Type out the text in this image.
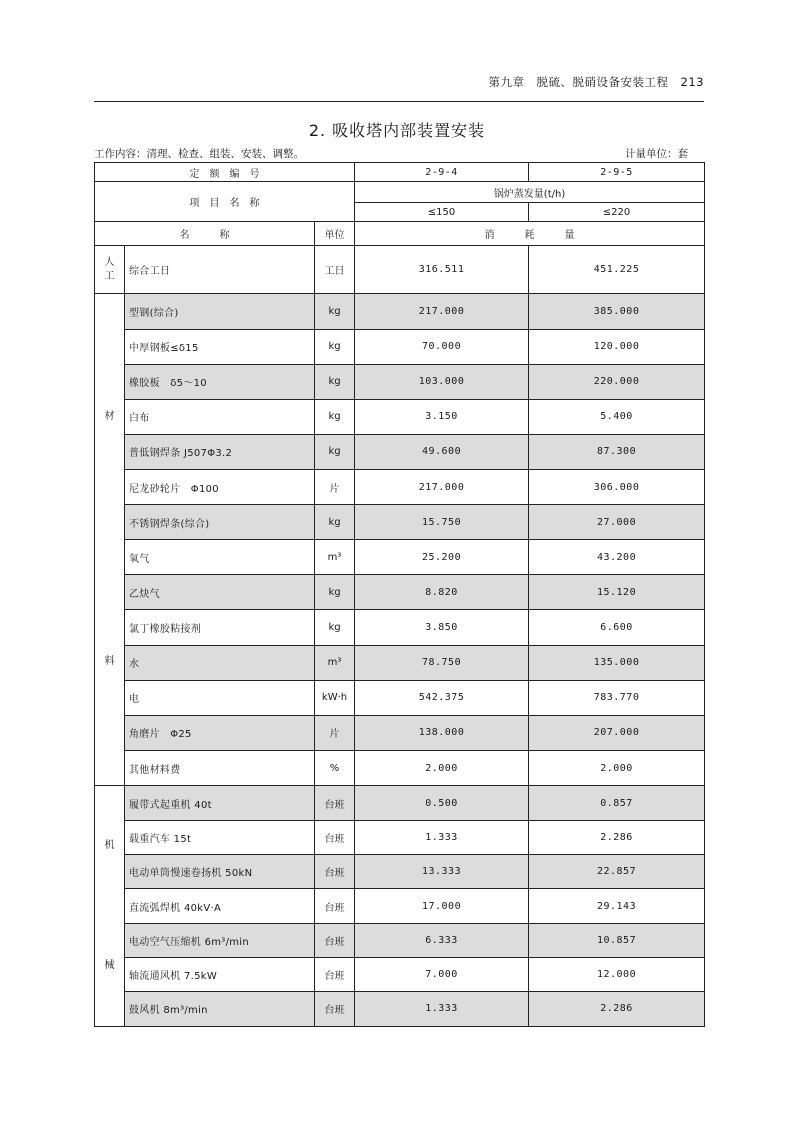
第九章　脱硫、脱硝设备安装工程　213
2. 吸收塔内部装置安装
工作内容：清理、检查、组装、安装、调整。	计量单位：套
定　额　编　号			2-9-4	2-9-5
项　目　名　称			锅炉蒸发量(t/h)	
			≤150	≤220
名　　　称		单位	消　　　耗　　　量	
人工	综合工日	工日	316.511	451.225

材
料	型钢(综合)	kg	217.000	385.000
	中厚钢板≤δ15	kg	70.000	120.000
	橡胶板　δ5～10	kg	103.000	220.000
	白布	kg	3.150	5.400
	普低钢焊条 J507Φ3.2	kg	49.600	87.300
	尼龙砂轮片　Φ100	片	217.000	306.000
	不锈钢焊条(综合)	kg	15.750	27.000
	氧气	m³	25.200	43.200
	乙炔气	kg	8.820	15.120
	氯丁橡胶粘接剂	kg	3.850	6.600
	水	m³	78.750	135.000
	电	kW·h	542.375	783.770
	角磨片　Φ25	片	138.000	207.000
	其他材料费	%	2.000	2.000

机
械	履带式起重机 40t	台班	0.500	0.857
	载重汽车 15t	台班	1.333	2.286
	电动单筒慢速卷扬机 50kN	台班	13.333	22.857
	直流弧焊机 40kV·A	台班	17.000	29.143
	电动空气压缩机 6m³/min	台班	6.333	10.857
	轴流通风机 7.5kW	台班	7.000	12.000
	鼓风机 8m³/min	台班	1.333	2.286
